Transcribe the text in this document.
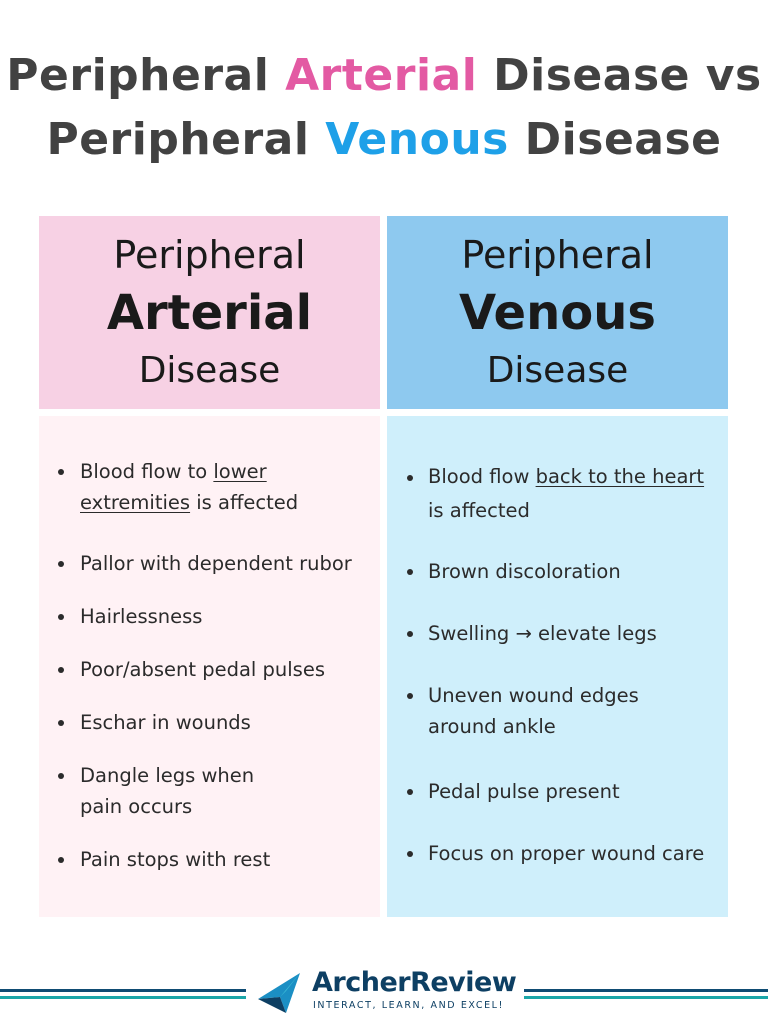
Peripheral Arterial Disease vs
Peripheral Venous Disease
Peripheral
Arterial
Disease
Peripheral
Venous
Disease
Blood flow to lower extremities is affected
Pallor with dependent rubor
Hairlessness
Poor/absent pedal pulses
Eschar in wounds
Dangle legs when pain occurs
Pain stops with rest
Blood flow back to the heart is affected
Brown discoloration
Swelling → elevate legs
Uneven wound edges around ankle
Pedal pulse present
Focus on proper wound care
ArcherReview
INTERACT, LEARN, AND EXCEL!
